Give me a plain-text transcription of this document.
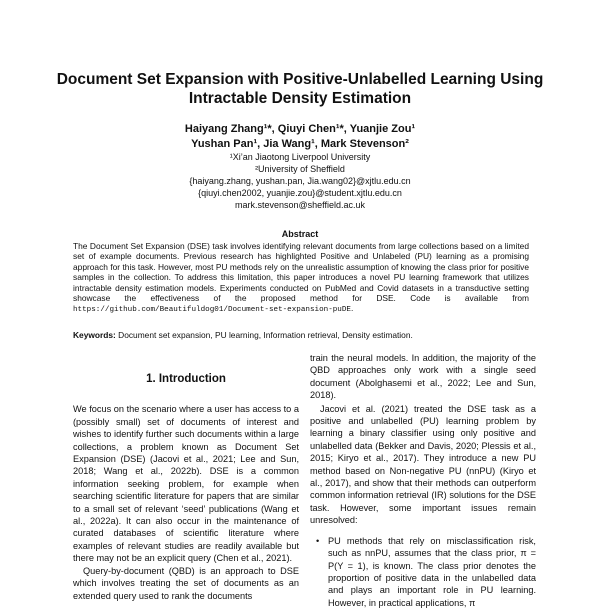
Document Set Expansion with Positive-Unlabelled Learning Using Intractable Density Estimation
Haiyang Zhang¹*, Qiuyi Chen¹*, Yuanjie Zou¹
Yushan Pan¹, Jia Wang¹, Mark Stevenson²
¹Xi’an Jiaotong Liverpool University
²University of Sheffield
{haiyang.zhang, yushan.pan, Jia.wang02}@xjtlu.edu.cn
{qiuyi.chen2002, yuanjie.zou}@student.xjtlu.edu.cn
mark.stevenson@sheffield.ac.uk
Abstract
The Document Set Expansion (DSE) task involves identifying relevant documents from large collections based on a limited set of example documents. Previous research has highlighted Positive and Unlabeled (PU) learning as a promising approach for this task. However, most PU methods rely on the unrealistic assumption of knowing the class prior for positive samples in the collection. To address this limitation, this paper introduces a novel PU learning framework that utilizes intractable density estimation models. Experiments conducted on PubMed and Covid datasets in a transductive setting showcase the effectiveness of the proposed method for DSE. Code is available from https://github.com/Beautifuldog01/Document-set-expansion-puDE.
Keywords: Document set expansion, PU learning, Information retrieval, Density estimation.
1. Introduction

We focus on the scenario where a user has access to a (possibly small) set of documents of interest and wishes to identify further such documents within a large collections, a problem known as Document Set Expansion (DSE) (Jacovi et al., 2021; Lee and Sun, 2018; Wang et al., 2022b). DSE is a common information seeking problem, for example when searching scientific literature for papers that are similar to a small set of relevant ‘seed’ publications (Wang et al., 2022a). It can also occur in the maintenance of curated databases of scientific literature where examples of relevant studies are readily available but there may not be an explicit query (Chen et al., 2021).

Query-by-document (QBD) is an approach to DSE which involves treating the set of documents as an extended query used to rank the documents

train the neural models. In addition, the majority of the QBD approaches only work with a single seed document (Abolghasemi et al., 2022; Lee and Sun, 2018).

Jacovi et al. (2021) treated the DSE task as a positive and unlabelled (PU) learning problem by learning a binary classifier using only positive and unlabelled data (Bekker and Davis, 2020; Plessis et al., 2015; Kiryo et al., 2017). They introduce a new PU method based on Non-negative PU (nnPU) (Kiryo et al., 2017), and show that their methods can outperform common information retrieval (IR) solutions for the DSE task. However, some important issues remain unresolved:

• PU methods that rely on misclassification risk, such as nnPU, assumes that the class prior, π = P(Y = 1), is known. The class prior denotes the proportion of positive data in the unlabelled data and plays an important role in PU learning. However, in practical applications, π
